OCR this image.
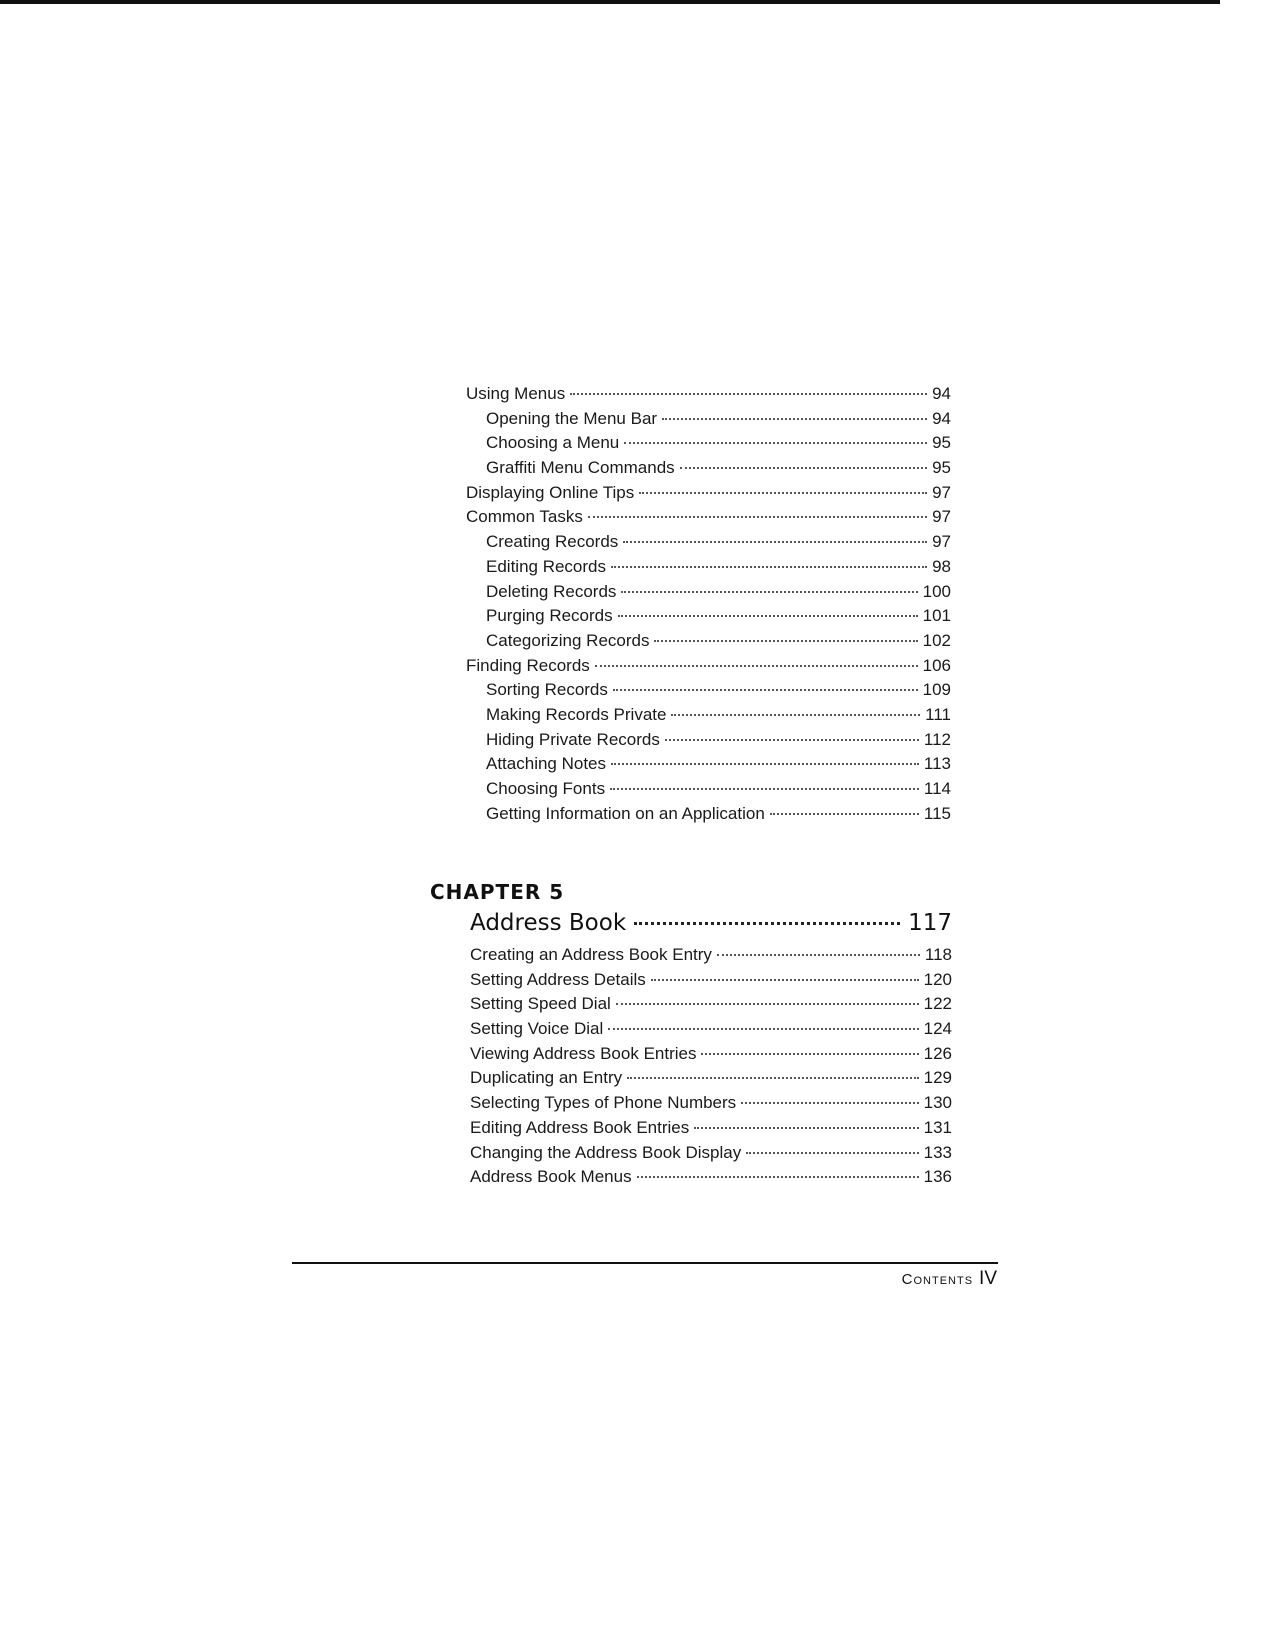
Using Menus	94
Opening the Menu Bar	94
Choosing a Menu	95
Graffiti Menu Commands	95
Displaying Online Tips	97
Common Tasks	97
Creating Records	97
Editing Records	98
Deleting Records	100
Purging Records	101
Categorizing Records	102
Finding Records	106
Sorting Records	109
Making Records Private	111
Hiding Private Records	112
Attaching Notes	113
Choosing Fonts	114
Getting Information on an Application	115
CHAPTER 5
Address Book	117
Creating an Address Book Entry	118
Setting Address Details	120
Setting Speed Dial	122
Setting Voice Dial	124
Viewing Address Book Entries	126
Duplicating an Entry	129
Selecting Types of Phone Numbers	130
Editing Address Book Entries	131
Changing the Address Book Display	133
Address Book Menus	136
Contents IV
